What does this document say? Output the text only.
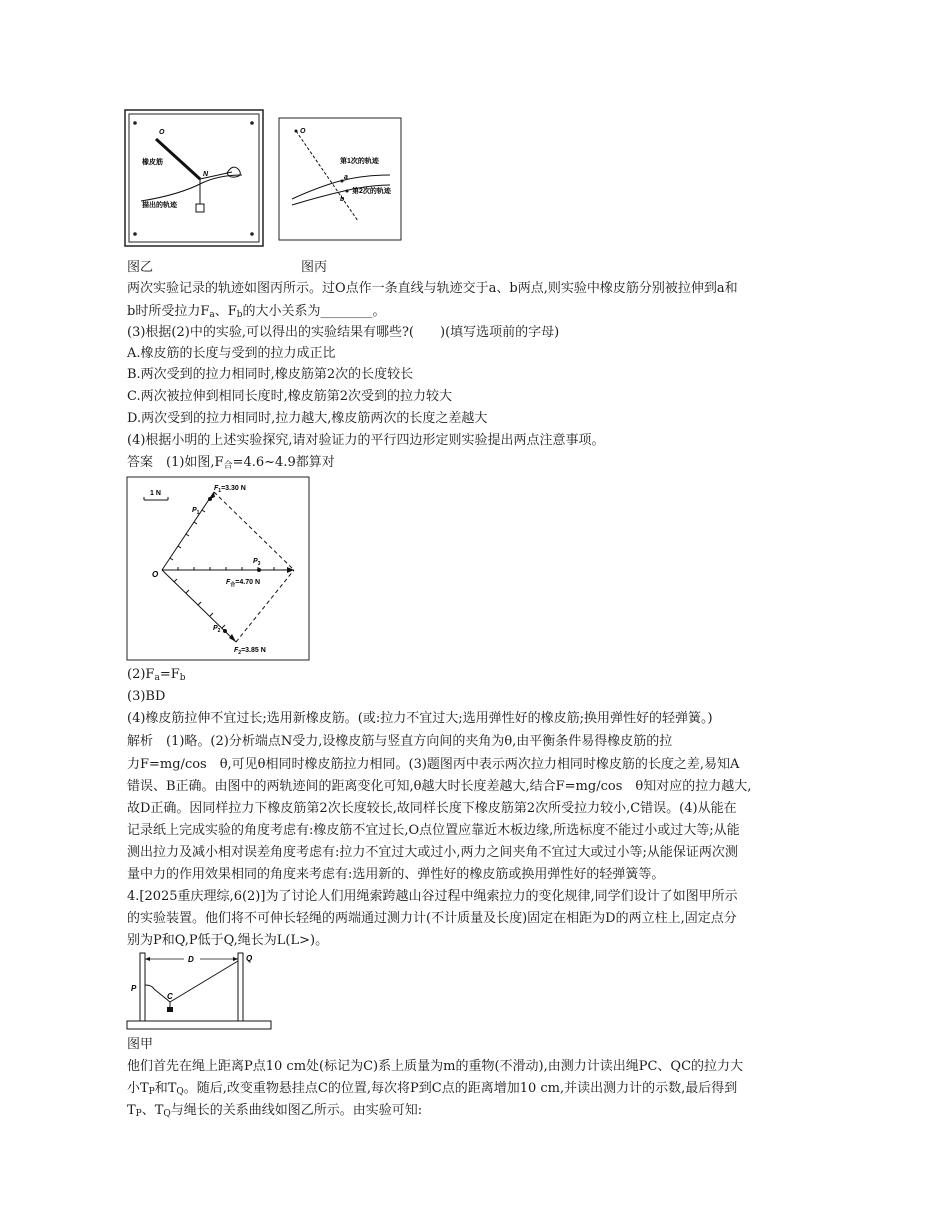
O
橡皮筋
N
描出的轨迹
O
第1次的轨迹
a
第2次的轨迹
b
图乙	图丙
两次实验记录的轨迹如图丙所示。过O点作一条直线与轨迹交于a、b两点,则实验中橡皮筋分别被拉伸到a和
b时所受拉力$F_a$、$F_b$的大小关系为________。
(3)根据(2)中的实验,可以得出的实验结果有哪些?(　　)(填写选项前的字母)
A.橡皮筋的长度与受到的拉力成正比
B.两次受到的拉力相同时,橡皮筋第2次的长度较长
C.两次被拉伸到相同长度时,橡皮筋第2次受到的拉力较大
D.两次受到的拉力相同时,拉力越大,橡皮筋两次的长度之差越大
(4)根据小明的上述实验探究,请对验证力的平行四边形定则实验提出两点注意事项。
答案　(1)如图$,F_合=4.6\sim 4.9$都算对
1 N
O
$F_1=3.30$ N
$F_2=3.85$ N
$F_合=4.70$ N
$P_1$
$P_3$
$P_2$
$(2)F_a=F_b$
(3)BD
(4)橡皮筋拉伸不宜过长;选用新橡皮筋。(或:拉力不宜过大;选用弹性好的橡皮筋;换用弹性好的轻弹簧。)
解析　(1)略。(2)分析端点N受力,设橡皮筋与竖直方向间的夹角为θ,由平衡条件易得橡皮筋的拉
力F=mg/cos　θ,可见θ相同时橡皮筋拉力相同。(3)题图丙中表示两次拉力相同时橡皮筋的长度之差,易知A
错误、B正确。由图中的两轨迹间的距离变化可知,θ越大时长度差越大,结合F=mg/cos　θ知对应的拉力越大,
故D正确。因同样拉力下橡皮筋第2次长度较长,故同样长度下橡皮筋第2次所受拉力较小,C错误。(4)从能在
记录纸上完成实验的角度考虑有:橡皮筋不宜过长,O点位置应靠近木板边缘,所选标度不能过小或过大等;从能
测出拉力及减小相对误差角度考虑有:拉力不宜过大或过小,两力之间夹角不宜过大或过小等;从能保证两次测
量中力的作用效果相同的角度来考虑有:选用新的、弹性好的橡皮筋或换用弹性好的轻弹簧等。
4.[2025重庆理综,6(2)]为了讨论人们用绳索跨越山谷过程中绳索拉力的变化规律,同学们设计了如图甲所示
的实验装置。他们将不可伸长轻绳的两端通过测力计(不计质量及长度)固定在相距为D的两立柱上,固定点分
别为P和Q,P低于Q,绳长为L(L>)。
D
P
Q
C
图甲
他们首先在绳上距离P点10 cm处(标记为C)系上质量为m的重物(不滑动),由测力计读出绳PC、QC的拉力大
小$T_P$和$T_Q$。随后,改变重物悬挂点C的位置,每次将P到C点的距离增加10 cm,并读出测力计的示数,最后得到
$T_P$、$T_Q$与绳长的关系曲线如图乙所示。由实验可知:
